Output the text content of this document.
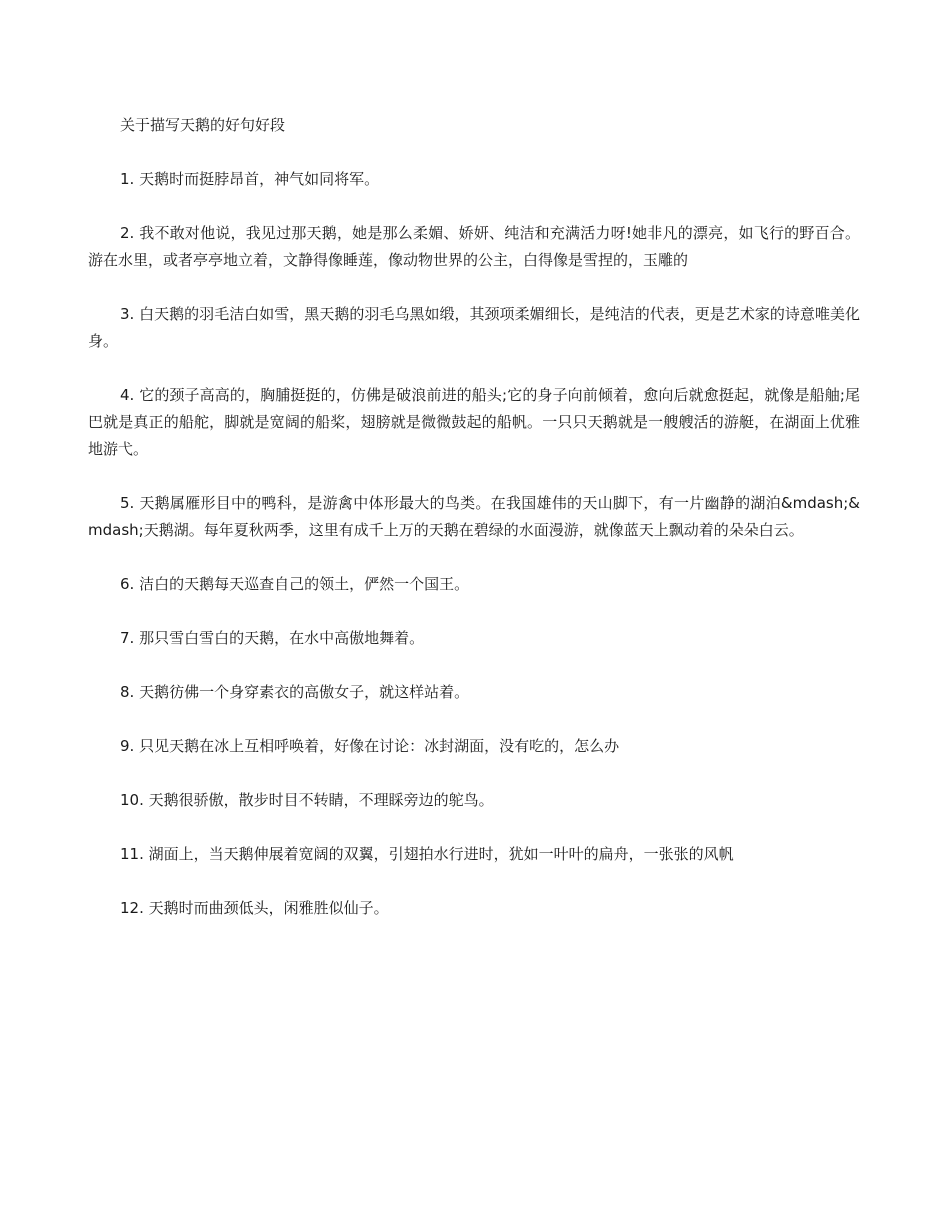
关于描写天鹅的好句好段

1. 天鹅时而挺脖昂首，神气如同将军。

2. 我不敢对他说，我见过那天鹅，她是那么柔媚、娇妍、纯洁和充满活力呀!她非凡的漂亮，如飞行的野百合。游在水里，或者亭亭地立着，文静得像睡莲，像动物世界的公主，白得像是雪捏的，玉雕的

3. 白天鹅的羽毛洁白如雪，黑天鹅的羽毛乌黑如缎，其颈项柔媚细长，是纯洁的代表，更是艺术家的诗意唯美化身。

4. 它的颈子高高的，胸脯挺挺的，仿佛是破浪前进的船头;它的身子向前倾着，愈向后就愈挺起，就像是船舳;尾巴就是真正的船舵，脚就是宽阔的船桨，翅膀就是微微鼓起的船帆。一只只天鹅就是一艘艘活的游艇，在湖面上优雅地游弋。

5. 天鹅属雁形目中的鸭科，是游禽中体形最大的鸟类。在我国雄伟的天山脚下，有一片幽静的湖泊&mdash;&mdash;天鹅湖。每年夏秋两季，这里有成千上万的天鹅在碧绿的水面漫游，就像蓝天上飘动着的朵朵白云。

6. 洁白的天鹅每天巡查自己的领土，俨然一个国王。

7. 那只雪白雪白的天鹅，在水中高傲地舞着。

8. 天鹅彷佛一个身穿素衣的高傲女子，就这样站着。

9. 只见天鹅在冰上互相呼唤着，好像在讨论：冰封湖面，没有吃的，怎么办

10. 天鹅很骄傲，散步时目不转睛，不理睬旁边的鸵鸟。

11. 湖面上，当天鹅伸展着宽阔的双翼，引翅拍水行进时，犹如一叶叶的扁舟，一张张的风帆

12. 天鹅时而曲颈低头，闲雅胜似仙子。
